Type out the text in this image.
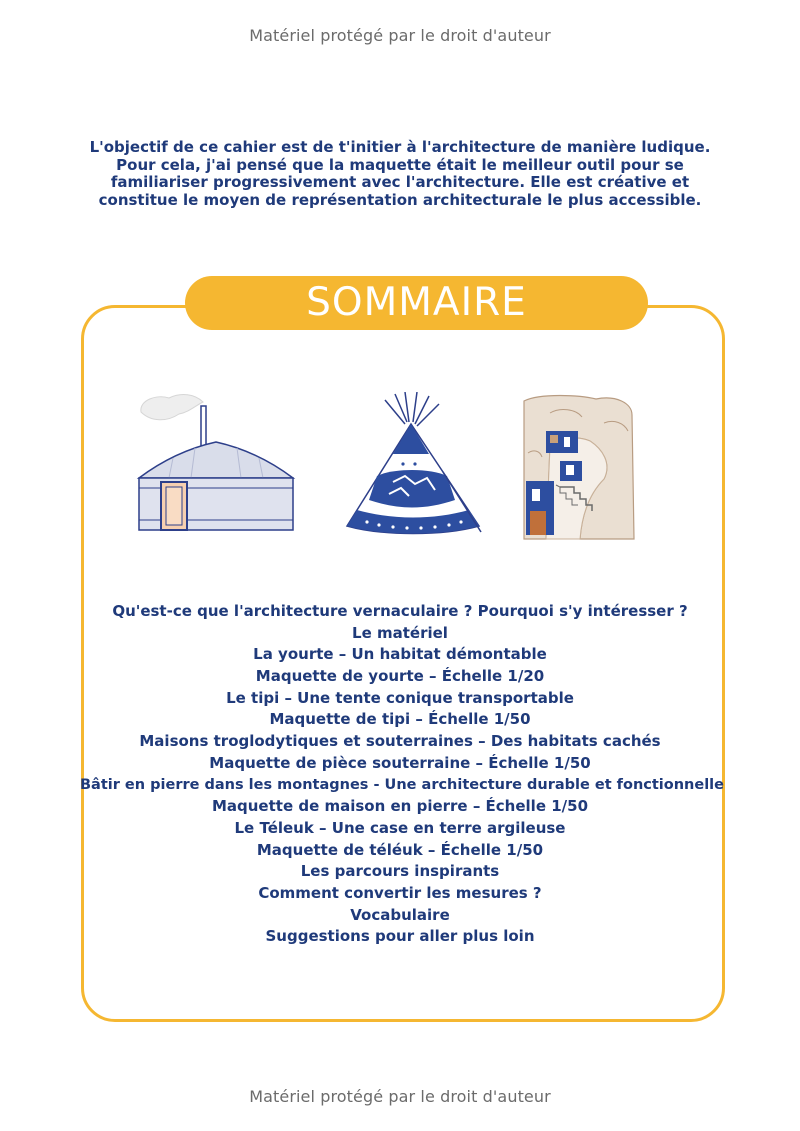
Matériel protégé par le droit d'auteur
L'objectif de ce cahier est de t'initier à l'architecture de manière ludique.
Pour cela, j'ai pensé que la maquette était le meilleur outil pour se
familiariser progressivement avec l'architecture. Elle est créative et
constitue le moyen de représentation architecturale le plus accessible.
SOMMAIRE
Qu'est-ce que l'architecture vernaculaire ? Pourquoi s'y intéresser ?
Le matériel
La yourte – Un habitat démontable
Maquette de yourte – Échelle 1/20
Le tipi – Une tente conique transportable
Maquette de tipi – Échelle 1/50
Maisons troglodytiques et souterraines – Des habitats cachés
Maquette de pièce souterraine – Échelle 1/50
Bâtir en pierre dans les montagnes - Une architecture durable et fonctionnelle
Maquette de maison en pierre – Échelle 1/50
Le Téleuk – Une case en terre argileuse
Maquette de téléuk – Échelle 1/50
Les parcours inspirants
Comment convertir les mesures ?
Vocabulaire
Suggestions pour aller plus loin
Matériel protégé par le droit d'auteur
